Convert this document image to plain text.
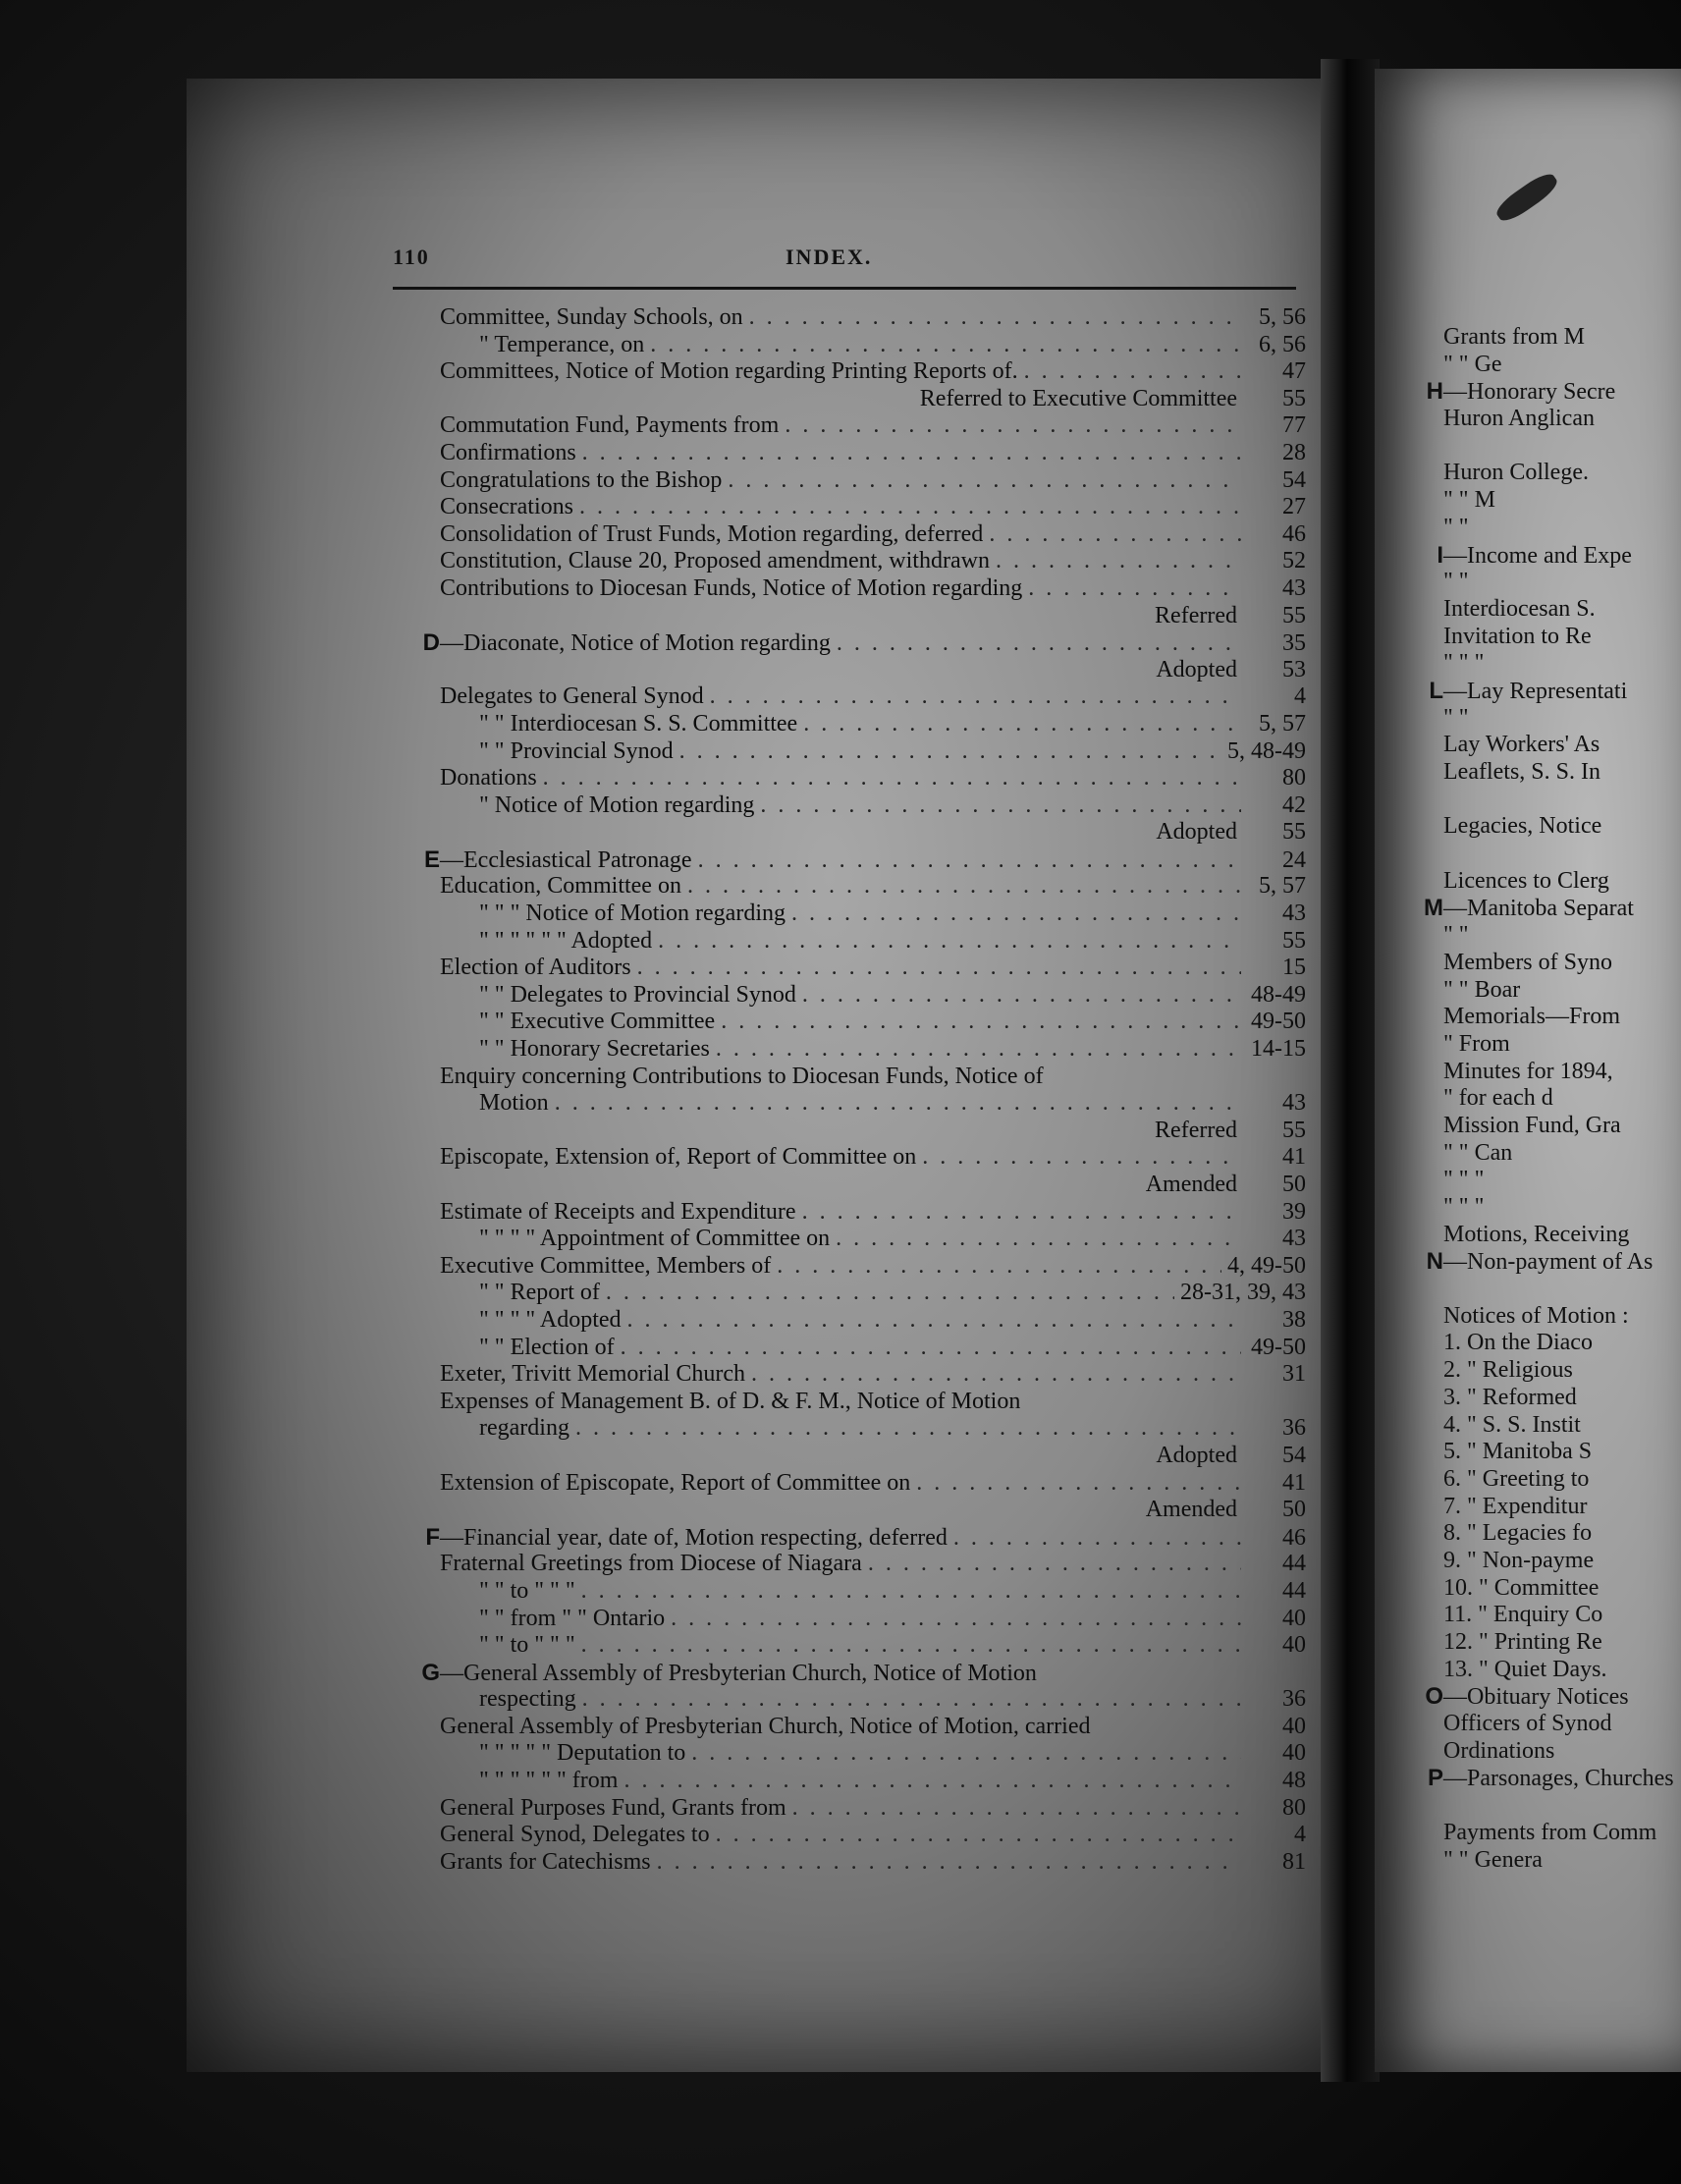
110	INDEX.
Committee, Sunday Schools, on . . .	5, 56
" Temperance, on . . .	6, 56
Committees, Notice of Motion regarding Printing Reports of. . . .	47
Referred to Executive Committee	55
Commutation Fund, Payments from . . .	77
Confirmations . . .	28
Congratulations to the Bishop . . .	54
Consecrations . . .	27
Consolidation of Trust Funds, Motion regarding, deferred . . .	46
Constitution, Clause 20, Proposed amendment, withdrawn . . .	52
Contributions to Diocesan Funds, Notice of Motion regarding . . .	43
Referred	55
D —Diaconate, Notice of Motion regarding . . .	35
Adopted	53
Delegates to General Synod . . .	4
" " Interdiocesan S. S. Committee . . .	5, 57
" " Provincial Synod . . .	5, 48-49
Donations . . .	80
" Notice of Motion regarding . . .	42
Adopted	55
E —Ecclesiastical Patronage . . .	24
Education, Committee on . . .	5, 57
" " " Notice of Motion regarding . . .	43
" " " " " " Adopted . . .	55
Election of Auditors . . .	15
" " Delegates to Provincial Synod . . .	48-49
" " Executive Committee . . .	49-50
" " Honorary Secretaries . . .	14-15
Enquiry concerning Contributions to Diocesan Funds, Notice of
Motion . . .	43
Referred	55
Episcopate, Extension of, Report of Committee on . . .	41
Amended	50
Estimate of Receipts and Expenditure . . .	39
" " " " Appointment of Committee on . . .	43
Executive Committee, Members of . . .	4, 49-50
" " Report of . . .	28-31, 39, 43
" " " " Adopted . . .	38
" " Election of . . .	49-50
Exeter, Trivitt Memorial Church . . .	31
Expenses of Management B. of D. & F. M., Notice of Motion
regarding . . .	36
Adopted	54
Extension of Episcopate, Report of Committee on . . .	41
Amended	50
F —Financial year, date of, Motion respecting, deferred . . .	46
Fraternal Greetings from Diocese of Niagara . . .	44
" " to " " " . . .	44
" " from " " Ontario . . .	40
" " to " " " . . .	40
G —General Assembly of Presbyterian Church, Notice of Motion
respecting . . .	36
General Assembly of Presbyterian Church, Notice of Motion, carried	40
" " " " " Deputation to . . .	40
" " " " " " from . . .	48
General Purposes Fund, Grants from . . .	80
General Synod, Delegates to . . .	4
Grants for Catechisms . . .	81
Grants from M
" " Ge
H—Honorary Secre
Huron Anglican
Huron College.
" " M
" "
I—Income and Expe
" "
Interdiocesan S.
Invitation to Re
" " "
L—Lay Representati
" "
Lay Workers' As
Leaflets, S. S. In
Legacies, Notice
Licences to Clerg
M—Manitoba Separat
" "
Members of Syno
" " Boar
Memorials—From
" From
Minutes for 1894,
" for each d
Mission Fund, Gra
" " Can
" " "
" " "
Motions, Receiving
N—Non-payment of As
Notices of Motion :
1. On the Diaco
2. " Religious
3. " Reformed
4. " S. S. Instit
5. " Manitoba S
6. " Greeting to
7. " Expenditur
8. " Legacies fo
9. " Non-payme
10. " Committee
11. " Enquiry Co
12. " Printing Re
13. " Quiet Days.
O—Obituary Notices
Officers of Synod
Ordinations
P—Parsonages, Churches
Payments from Comm
" " Genera
